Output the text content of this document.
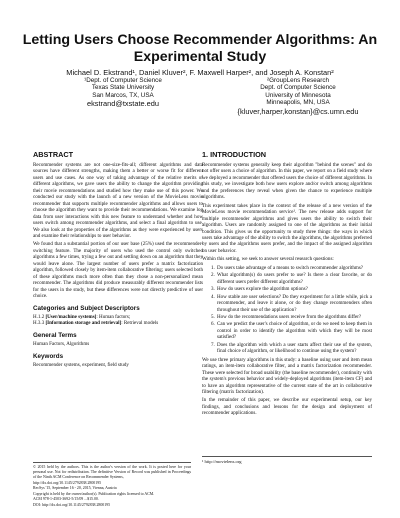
Letting Users Choose Recommender Algorithms: An
Experimental Study
Michael D. Ekstrand¹, Daniel Kluver², F. Maxwell Harper², and Joseph A. Konstan²
¹Dept. of Computer Science
Texas State University
San Marcos, TX, USA
ekstrand@txstate.edu
²GroupLens Research
Dept. of Computer Science
University of Minnesota
Minneapolis, MN, USA
{kluver,harper,konstan}@cs.umn.edu
ABSTRACT

Recommender systems are not one-size-fits-all; different algorithms and data sources have different strengths, making them a better or worse fit for different users and use cases. As one way of taking advantage of the relative merits of different algorithms, we gave users the ability to change the algorithm providing their movie recommendations and studied how they make use of this power. We conducted our study with the launch of a new version of the MovieLens movie recommender that supports multiple recommender algorithms and allows users to choose the algorithm they want to provide their recommendations. We examine log data from user interactions with this new feature to understand whether and how users switch among recommender algorithms, and select a final algorithm to use. We also look at the properties of the algorithms as they were experienced by users and examine their relationships to user behavior.

We found that a substantial portion of our user base (25%) used the recommender-switching feature. The majority of users who used the control only switched algorithms a few times, trying a few out and settling down on an algorithm that they would leave alone. The largest number of users prefer a matrix factorization algorithm, followed closely by item-item collaborative filtering; users selected both of these algorithms much more often than they chose a non-personalized mean recommender. The algorithms did produce measurably different recommender lists for the users in the study, but these differences were not directly predictive of user choice.

Categories and Subject Descriptors

H.1.2 [User/machine systems]: Human factors;

H.3.3 [Information storage and retrieval]: Retrieval models

General Terms

Human Factors, Algorithms

Keywords

Recommender systems, experiment, field study

© 2015 held by the authors. This is the author's version of the work. It is posted here for your personal use. Not for redistribution. The definitive Version of Record was published in Proceedings of the Ninth ACM Conference on Recommender Systems,

http://dx.doi.org/10.1145/2792838.2800195

RecSys '15, September 16 - 20, 2015, Vienna, Austria

Copyright is held by the owner/author(s). Publication rights licensed to ACM.

ACM 978-1-4503-3692-5/15/09 ...$15.00.

DOI: http://dx.doi.org/10.1145/2792838.2800195

1. INTRODUCTION

Recommender systems generally keep their algorithm "behind the scenes" and do not offer users a choice of algorithm. In this paper, we report on a field study where we deployed a recommender that offered users the choice of different algorithms. In this study, we investigate both how users explore and/or switch among algorithms and the preferences they reveal when given the chance to experience multiple algorithms.

This experiment takes place in the context of the release of a new version of the MovieLens movie recommendation service¹. The new release adds support for multiple recommender algorithms and gives users the ability to switch their algorithm. Users are randomly assigned to one of the algorithms as their initial condition. This gives us the opportunity to study three things: the ways in which users take advantage of the ability to switch the algorithms, the algorithms preferred by users and the algorithms users prefer, and the impact of the assigned algorithm on user behavior.

Within this setting, we seek to answer several research questions:

1. Do users take advantage of a means to switch recommender algorithms?
2. What algorithm(s) do users prefer to use? Is there a clear favorite, or do different users prefer different algorithms?
3. How do users explore the algorithm options?
4. How stable are user selections? Do they experiment for a little while, pick a recommender, and leave it alone, or do they change recommenders often throughout their use of the application?
5. How do the recommendations users receive from the algorithms differ?
6. Can we predict the user's choice of algorithm, or do we need to keep them in control in order to identify the algorithm with which they will be most satisfied?
7. Does the algorithm with which a user starts affect their use of the system, final choice of algorithm, or likelihood to continue using the system?

We use three primary algorithms in this study: a baseline using user and item mean ratings, an item-item collaborative filter, and a matrix factorization recommender. These were selected for broad usability (the baseline recommender), continuity with the system's previous behavior and widely-deployed algorithms (item-item CF) and to have an algorithm representative of the current state of the art in collaborative filtering (matrix factorization).

In the remainder of this paper, we describe our experimental setup, our key findings, and conclusions and lessons for the design and deployment of recommender applications.

¹ http://movielens.org
